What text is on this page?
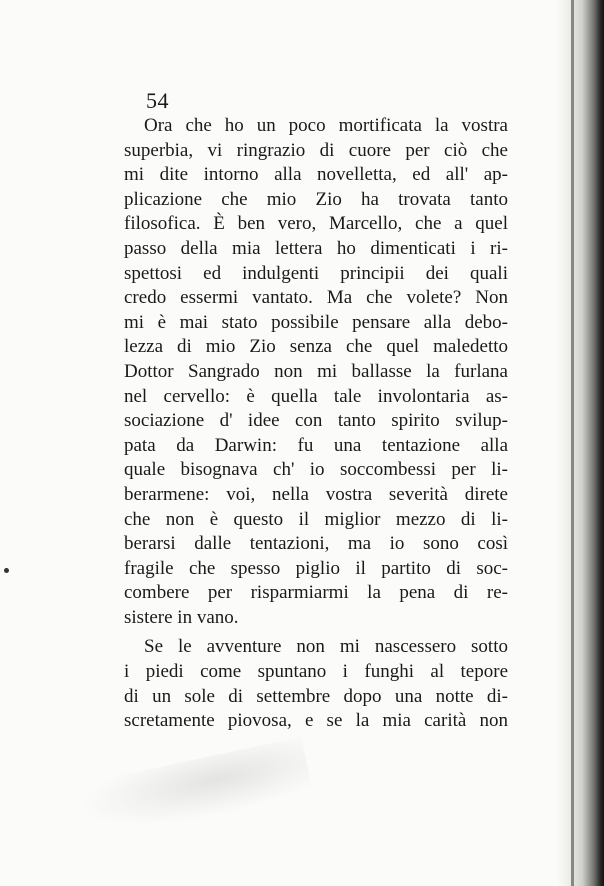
54
Ora che ho un poco mortificata la vostra
superbia, vi ringrazio di cuore per ciò che
mi dite intorno alla novelletta, ed all' ap-
plicazione che mio Zio ha trovata tanto
filosofica. È ben vero, Marcello, che a quel
passo della mia lettera ho dimenticati i ri-
spettosi ed indulgenti principii dei quali
credo essermi vantato. Ma che volete? Non
mi è mai stato possibile pensare alla debo-
lezza di mio Zio senza che quel maledetto
Dottor Sangrado non mi ballasse la furlana
nel cervello: è quella tale involontaria as-
sociazione d' idee con tanto spirito svilup-
pata da Darwin: fu una tentazione alla
quale bisognava ch' io soccombessi per li-
berarmene: voi, nella vostra severità direte
che non è questo il miglior mezzo di li-
berarsi dalle tentazioni, ma io sono così
fragile che spesso piglio il partito di soc-
combere per risparmiarmi la pena di re-
sistere in vano.
Se le avventure non mi nascessero sotto
i piedi come spuntano i funghi al tepore
di un sole di settembre dopo una notte di-
scretamente piovosa, e se la mia carità non
